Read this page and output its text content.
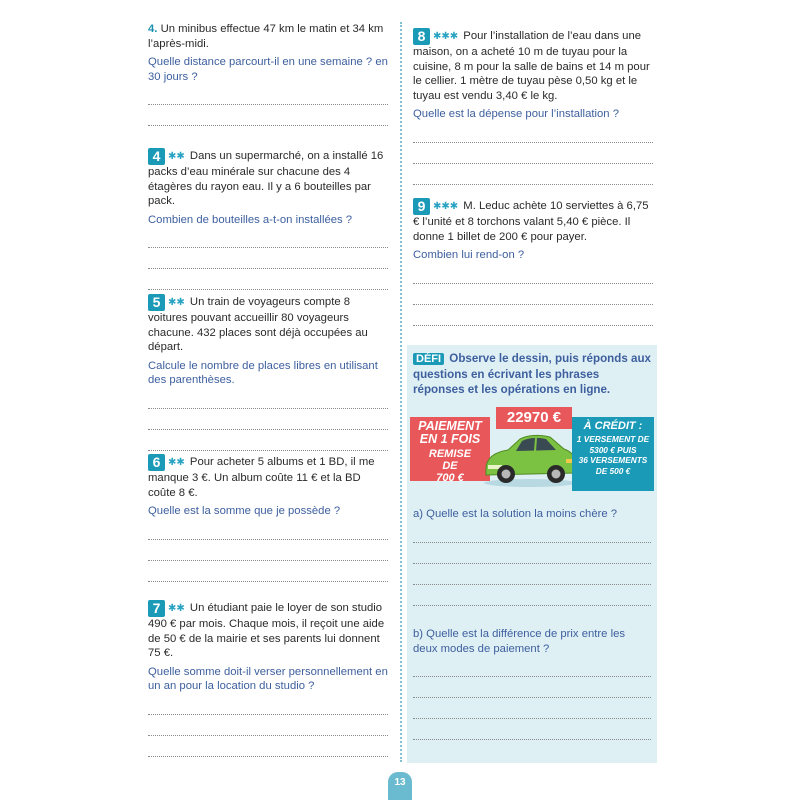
4. Un minibus effectue 47 km le matin et 34 km l’après-midi.

Quelle distance parcourt-il en une semaine ? en 30 jours ?

4 ✱✱ Dans un supermarché, on a installé 16 packs d’eau minérale sur chacune des 4 étagères du rayon eau. Il y a 6 bouteilles par pack.

Combien de bouteilles a-t-on installées ?

5 ✱✱ Un train de voyageurs compte 8 voitures pouvant accueillir 80 voyageurs chacune. 432 places sont déjà occupées au départ.

Calcule le nombre de places libres en utilisant des parenthèses.

6 ✱✱ Pour acheter 5 albums et 1 BD, il me manque 3 €. Un album coûte 11 € et la BD coûte 8 €.

Quelle est la somme que je possède ?

7 ✱✱ Un étudiant paie le loyer de son studio 490 € par mois. Chaque mois, il reçoit une aide de 50 € de la mairie et ses parents lui donnent 75 €.

Quelle somme doit-il verser personnellement en un an pour la location du studio ?

8 ✱✱✱ Pour l’installation de l’eau dans une maison, on a acheté 10 m de tuyau pour la cuisine, 8 m pour la salle de bains et 14 m pour le cellier. 1 mètre de tuyau pèse 0,50 kg et le tuyau est vendu 3,40 € le kg.

Quelle est la dépense pour l’installation ?

9 ✱✱✱ M. Leduc achète 10 serviettes à 6,75 € l’unité et 8 torchons valant 5,40 € pièce. Il donne 1 billet de 200 € pour payer.

Combien lui rend-on ?

DÉFI Observe le dessin, puis réponds aux questions en écrivant les phrases réponses et les opérations en ligne.

PAIEMENT
EN 1 FOIS
REMISE
DE
700 €
22970 €	À CRÉDIT :
1 VERSEMENT DE
5300 € PUIS
36 VERSEMENTS
DE 500 €

a) Quelle est la solution la moins chère ?

b) Quelle est la différence de prix entre les deux modes de paiement ?

13
